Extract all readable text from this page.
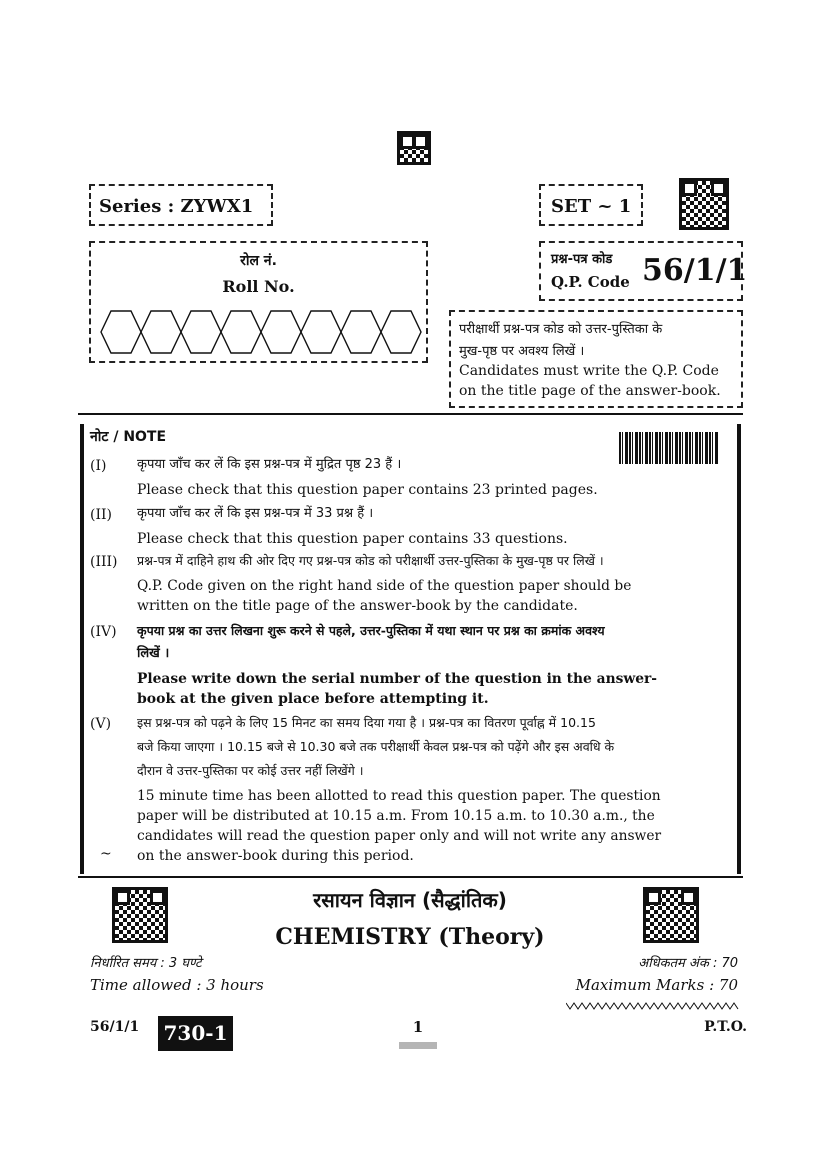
Series : ZYWX1	SET ~ 1
रोल नं.
Roll No.
प्रश्न-पत्र कोड
Q.P. Code 56/1/1
परीक्षार्थी प्रश्न-पत्र कोड को उत्तर-पुस्तिका के
मुख-पृष्ठ पर अवश्य लिखें ।
Candidates must write the Q.P. Code
on the title page of the answer-book.
नोट / NOTE
(I) कृपया जाँच कर लें कि इस प्रश्न-पत्र में मुद्रित पृष्ठ 23 हैं ।
Please check that this question paper contains 23 printed pages.
(II) कृपया जाँच कर लें कि इस प्रश्न-पत्र में 33 प्रश्न हैं ।
Please check that this question paper contains 33 questions.
(III) प्रश्न-पत्र में दाहिने हाथ की ओर दिए गए प्रश्न-पत्र कोड को परीक्षार्थी उत्तर-पुस्तिका के मुख-पृष्ठ पर लिखें ।
Q.P. Code given on the right hand side of the question paper should be
written on the title page of the answer-book by the candidate.
(IV) कृपया प्रश्न का उत्तर लिखना शुरू करने से पहले, उत्तर-पुस्तिका में यथा स्थान पर प्रश्न का क्रमांक अवश्य
लिखें ।
Please write down the serial number of the question in the answer-
book at the given place before attempting it.
(V) इस प्रश्न-पत्र को पढ़ने के लिए 15 मिनट का समय दिया गया है । प्रश्न-पत्र का वितरण पूर्वाह्न में 10.15
बजे किया जाएगा । 10.15 बजे से 10.30 बजे तक परीक्षार्थी केवल प्रश्न-पत्र को पढ़ेंगे और इस अवधि के
दौरान वे उत्तर-पुस्तिका पर कोई उत्तर नहीं लिखेंगे ।
15 minute time has been allotted to read this question paper. The question
paper will be distributed at 10.15 a.m. From 10.15 a.m. to 10.30 a.m., the
candidates will read the question paper only and will not write any answer
on the answer-book during this period.
~
रसायन विज्ञान (सैद्धांतिक)
CHEMISTRY (Theory)
निर्धारित समय : 3 घण्टे
Time allowed : 3 hours
अधिकतम अंक : 70
Maximum Marks : 70
56/1/1 730-1	1	P.T.O.
